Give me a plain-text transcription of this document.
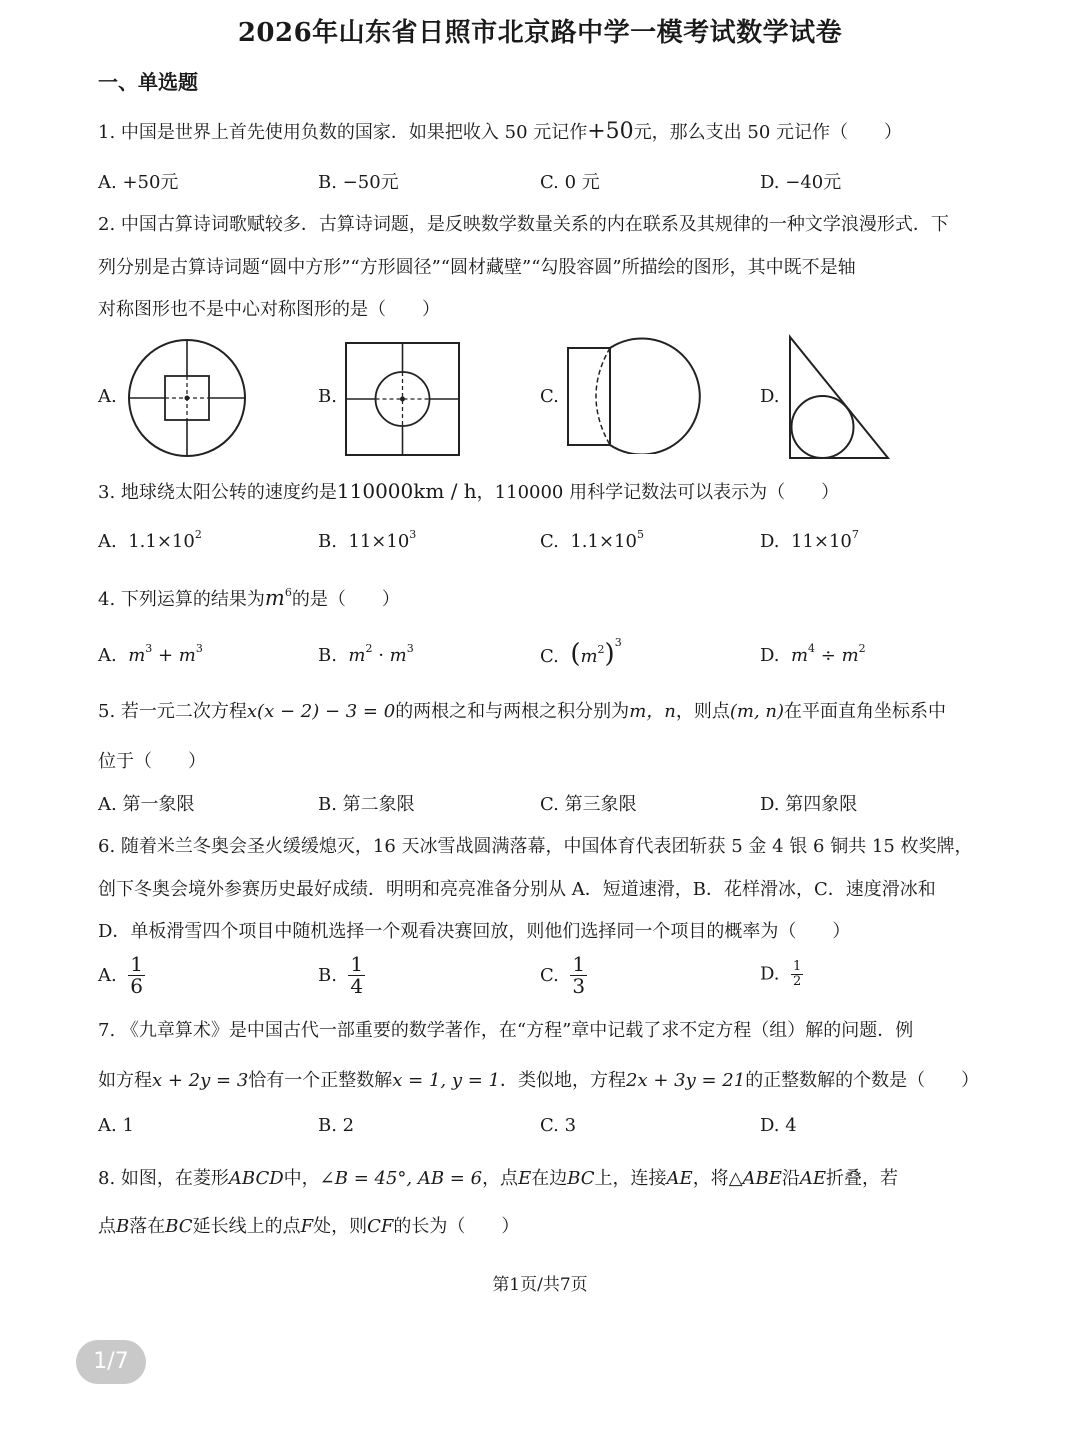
2026年山东省日照市北京路中学一模考试数学试卷
一、单选题
1. 中国是世界上首先使用负数的国家．如果把收入 50 元记作+50元，那么支出 50 元记作（　　）
A. +50元	B. −50元	C. 0 元	D. −40元
2. 中国古算诗词歌赋较多．古算诗词题，是反映数学数量关系的内在联系及其规律的一种文学浪漫形式．下
列分别是古算诗词题“圆中方形”“方形圆径”“圆材藏壁”“勾股容圆”所描绘的图形，其中既不是轴
对称图形也不是中心对称图形的是（　　）
A.	B.	C.	D.
3. 地球绕太阳公转的速度约是110000km / h，110000 用科学记数法可以表示为（　　）
A. $1.1\times 10^2$	B. $11\times 10^3$	C. $1.1\times 10^5$	D. $11\times 10^7$
4. 下列运算的结果为$m^6$的是（　　）
A. $m^3 + m^3$	B. $m^2 \cdot m^3$	C. $(m^2)^3$
D. $m^4 \div m^2$
5. 若一元二次方程x(x − 2) − 3 = 0的两根之和与两根之积分别为m，n，则点(m, n)在平面直角坐标系中
位于（　　）
A. 第一象限	B. 第二象限	C. 第三象限	D. 第四象限
6. 随着米兰冬奥会圣火缓缓熄灭，16 天冰雪战圆满落幕，中国体育代表团斩获 5 金 4 银 6 铜共 15 枚奖牌，
创下冬奥会境外参赛历史最好成绩．明明和亮亮准备分别从 A．短道速滑，B．花样滑冰，C．速度滑冰和
D．单板滑雪四个项目中随机选择一个观看决赛回放，则他们选择同一个项目的概率为（　　）
A. $\frac{1}{6}$	B. $\frac{1}{4}$	C. $\frac{1}{3}$	D. $\frac{1}{2}$
7. 《九章算术》是中国古代一部重要的数学著作，在“方程”章中记载了求不定方程（组）解的问题．例
如方程x + 2y = 3恰有一个正整数解x = 1, y = 1．类似地，方程2x + 3y = 21的正整数解的个数是（　　）
A. 1	B. 2	C. 3	D. 4
8. 如图，在菱形ABCD中，∠B = 45°, AB = 6，点E在边BC上，连接AE，将△ABE沿AE折叠，若
点B落在BC延长线上的点F处，则CF的长为（　　）
第1页/共7页
1/7
